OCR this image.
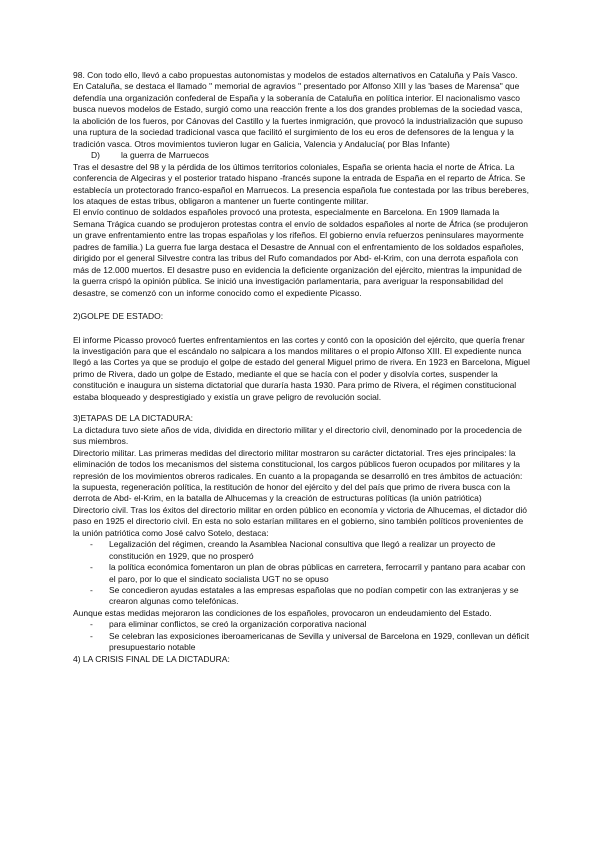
98. Con todo ello, llevó a cabo propuestas autonomistas y modelos de estados alternativos en Cataluña y País Vasco.

En Cataluña, se destaca el llamado " memorial de agravios " presentado por Alfonso XIII y las 'bases de Marensa" que defendía una organización confederal de España y la soberanía de Cataluña en política interior. El nacionalismo vasco busca nuevos modelos de Estado, surgió como una reacción frente a los dos grandes problemas de la sociedad vasca, la abolición de los fueros, por Cánovas del Castillo y la fuertes inmigración, que provocó la industrialización que supuso una ruptura de la sociedad tradicional vasca que facilitó el surgimiento de los eu eros de defensores de la lengua y la tradición vasca. Otros movimientos tuvieron lugar en Galicia, Valencia y Andalucía( por Blas Infante)

D) la guerra de Marruecos

Tras el desastre del 98 y la pérdida de los últimos territorios coloniales, España se orienta hacia el norte de África. La conferencia de Algeciras y el posterior tratado hispano -francés supone la entrada de España en el reparto de África. Se establecía un protectorado franco-español en Marruecos. La presencia española fue contestada por las tribus bereberes, los ataques de estas tribus, obligaron a mantener un fuerte contingente militar.

El envío continuo de soldados españoles provocó una protesta, especialmente en Barcelona. En 1909 llamada la Semana Trágica cuando se produjeron protestas contra el envío de soldados españoles al norte de África (se produjeron un grave enfrentamiento entre las tropas españolas y los rifeños. El gobierno envía refuerzos peninsulares mayormente padres de familia.) La guerra fue larga destaca el Desastre de Annual con el enfrentamiento de los soldados españoles, dirigido por el general Silvestre contra las tribus del Rufo comandados por Abd- el-Krim, con una derrota española con más de 12.000 muertos. El desastre puso en evidencia la deficiente organización del ejército, mientras la impunidad de la guerra crispó la opinión pública. Se inició una investigación parlamentaria, para averiguar la responsabilidad del desastre, se comenzó con un informe conocido como el expediente Picasso.

2)GOLPE DE ESTADO:

El informe Picasso provocó fuertes enfrentamientos en las cortes y contó con la oposición del ejército, que quería frenar la investigación para que el escándalo no salpicara a los mandos militares o el propio Alfonso XIII. El expediente nunca llegó a las Cortes ya que se produjo el golpe de estado del general Miguel primo de rivera. En 1923 en Barcelona, Miguel primo de Rivera, dado un golpe de Estado, mediante el que se hacía con el poder y disolvía cortes, suspender la constitución e inaugura un sistema dictatorial que duraría hasta 1930. Para primo de Rivera, el régimen constitucional estaba bloqueado y desprestigiado y existía un grave peligro de revolución social.

3)ETAPAS DE LA DICTADURA:

La dictadura tuvo siete años de vida, dividida en directorio militar y el directorio civil, denominado por la procedencia de sus miembros.

Directorio militar. Las primeras medidas del directorio militar mostraron su carácter dictatorial. Tres ejes principales: la eliminación de todos los mecanismos del sistema constitucional, los cargos públicos fueron ocupados por militares y la represión de los movimientos obreros radicales. En cuanto a la propaganda se desarrolló en tres ámbitos de actuación: la supuesta, regeneración política, la restitución de honor del ejército y del del país que primo de rivera busca con la derrota de Abd- el-Krim, en la batalla de Alhucemas y la creación de estructuras políticas (la unión patriótica)

Directorio civil. Tras los éxitos del directorio militar en orden público en economía y victoria de Alhucemas, el dictador dió paso en 1925 el directorio civil. En esta no solo estarían militares en el gobierno, sino también políticos provenientes de la unión patriótica como José calvo Sotelo, destaca:

- Legalización del régimen, creando la Asamblea Nacional consultiva que llegó a realizar un proyecto de constitución en 1929, que no prosperó
- la política económica fomentaron un plan de obras públicas en carretera, ferrocarril y pantano para acabar con el paro, por lo que el sindicato socialista UGT no se opuso
- Se concedieron ayudas estatales a las empresas españolas que no podían competir con las extranjeras y se crearon algunas como telefónicas.

Aunque estas medidas mejoraron las condiciones de los españoles, provocaron un endeudamiento del Estado.

- para eliminar conflictos, se creó la organización corporativa nacional
- Se celebran las exposiciones iberoamericanas de Sevilla y universal de Barcelona en 1929, conllevan un déficit presupuestario notable

4) LA CRISIS FINAL DE LA DICTADURA:
